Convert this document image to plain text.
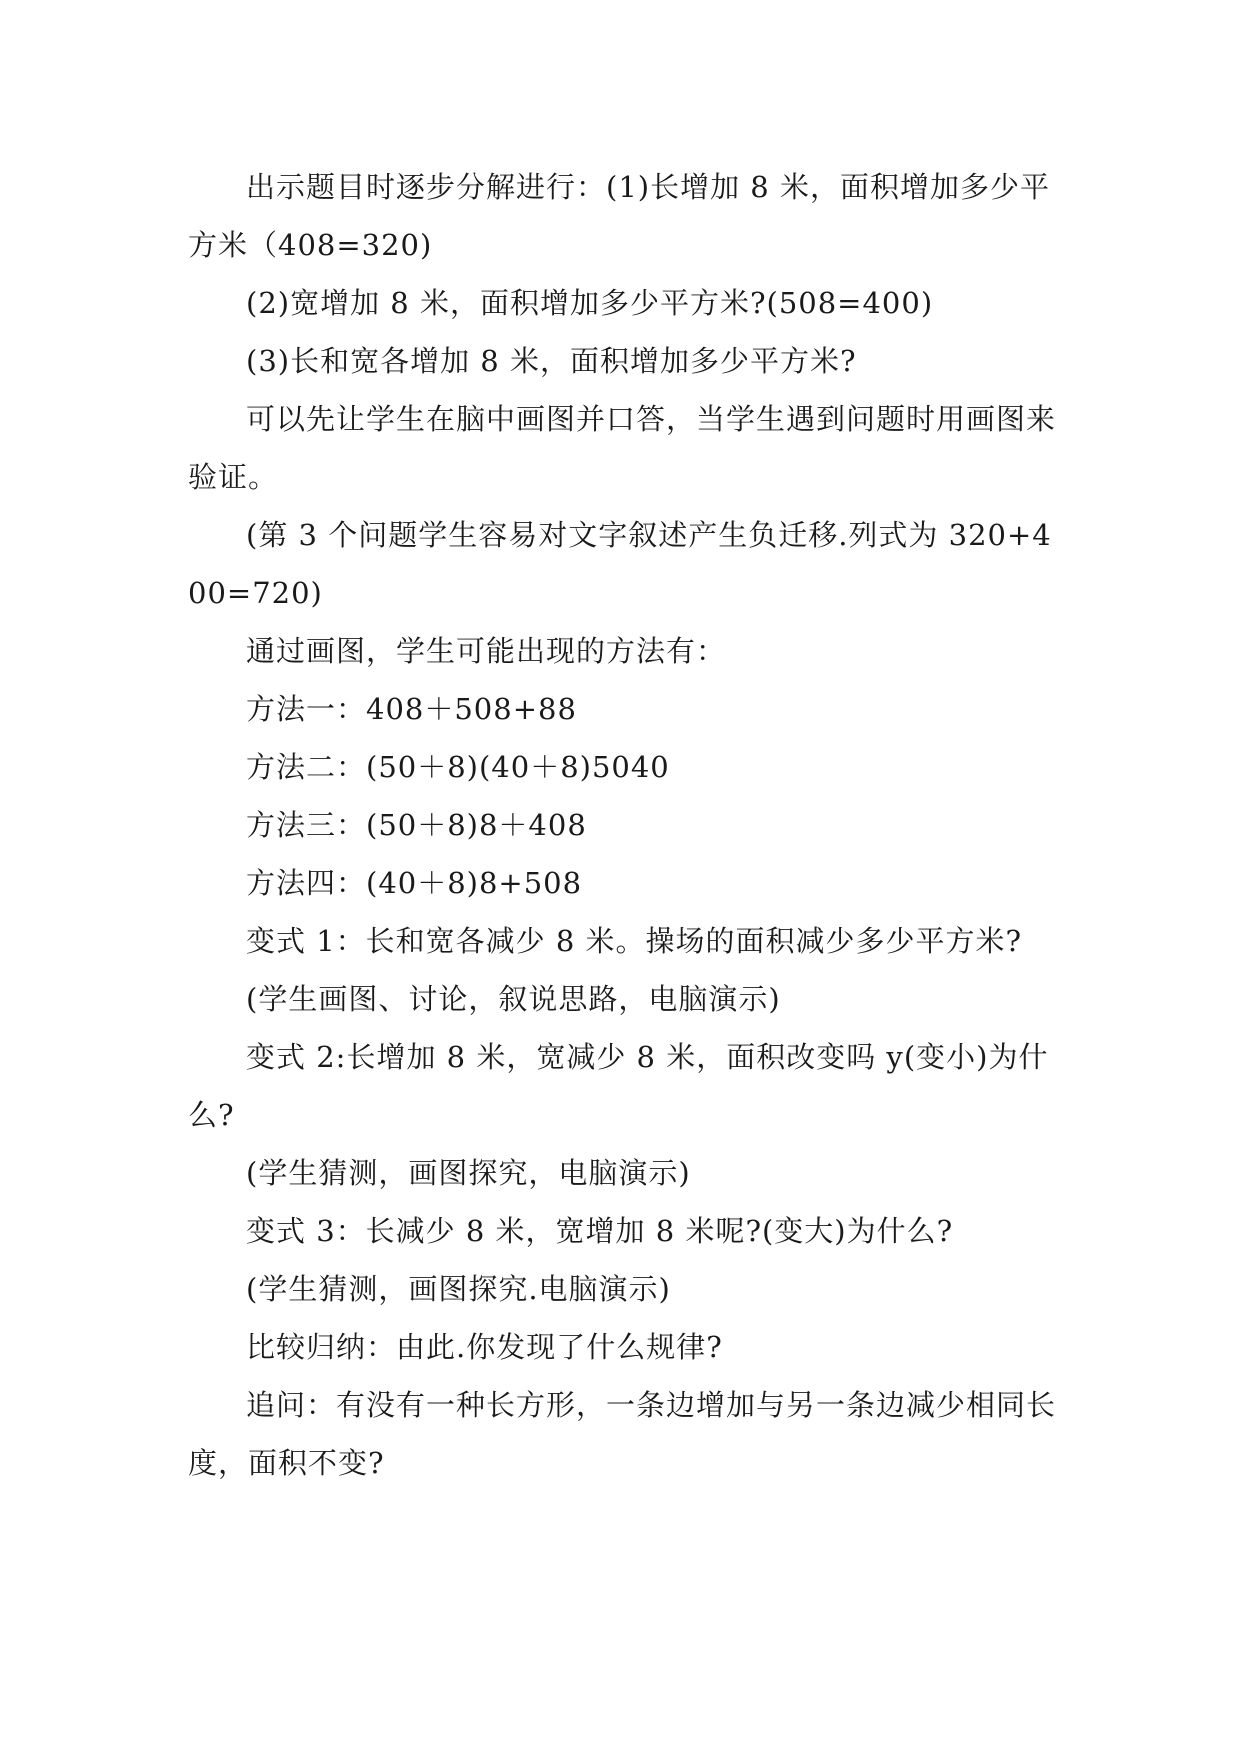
出示题目时逐步分解进行：(1)长增加 8 米，面积增加多少平方米（408=320)

(2)宽增加 8 米，面积增加多少平方米?(508=400)

(3)长和宽各增加 8 米，面积增加多少平方米?

可以先让学生在脑中画图并口答，当学生遇到问题时用画图来验证。

(第 3 个问题学生容易对文字叙述产生负迁移.列式为 320+400=720)

通过画图，学生可能出现的方法有：

方法一：408＋508+88

方法二：(50＋8)(40＋8)5040

方法三：(50＋8)8＋408

方法四：(40＋8)8+508

变式 1：长和宽各减少 8 米。操场的面积减少多少平方米?

(学生画图、讨论，叙说思路，电脑演示)

变式 2:长增加 8 米，宽减少 8 米，面积改变吗 y(变小)为什么?

(学生猜测，画图探究，电脑演示)

变式 3：长减少 8 米，宽增加 8 米呢?(变大)为什么?

(学生猜测，画图探究.电脑演示)

比较归纳：由此.你发现了什么规律?

追问：有没有一种长方形，一条边增加与另一条边减少相同长度，面积不变?
